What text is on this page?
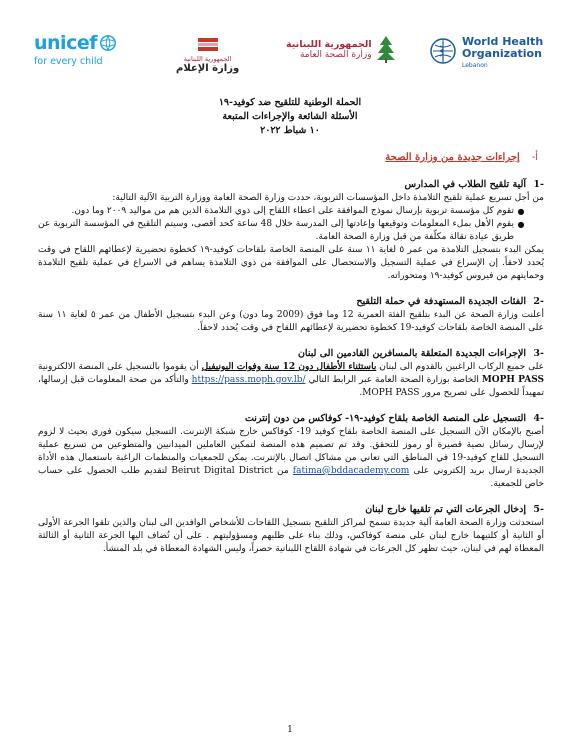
unicef
for every child	الجمهورية اللبنانية
وزارة الإعلام
الجمهورية اللبنانية
وزارة الصحة العامة
World Health
Organization
Lebanon
الحملة الوطنية للتلقيح ضد كوفيد-١٩
الأسئلة الشائعة والإجراءات المتبعة
١٠ شباط ٢٠٢٢
أ-
إجراءات جديدة من وزارة الصحة
-1
آلية تلقيح الطلاب في المدارس

من أجل تسريع عملية تلقيح التلامذة داخل المؤسسات التربوية، حددت وزارة الصحة العامة ووزارة التربية الآلية التالية:

●
تقوم كل مؤسسة تربوية بإرسال نموذج الموافقة على اعطاء اللقاح إلى ذوي التلامذة الذين هم من مواليد ٢٠٠٩ وما دون.
●
يقوم الأهل بملء المعلومات وتوقيعها وإعادتها إلى المدرسة خلال 48 ساعة كحد أقصى، وسيتم التلقيح في المؤسسة التربوية عن طريق عيادة نقالة مكلّفة من قبل وزارة الصحة العامة.

يمكن البدء بتسجيل التلامذة من عمر ٥ لغاية ١١ سنة على المنصة الخاصة بلقاحات كوفيد-١٩ كخطوة تحضيرية لإعطائهم اللقاح في وقت يُحدد لاحقاً. إن الإسراع في عملية التسجيل والاستحصال على الموافقة من ذوي التلامذة يساهم في الاسراع في عملية تلقيح التلامذة وحمايتهم من فيروس كوفيد-١٩ ومتحوراته.

-2
الفئات الجديدة المستهدفة في حملة التلقيح

أعلنت وزارة الصحة عن البدء بتلقيح الفئة العمرية 12 وما فوق (2009 وما دون) وعن البدء بتسجيل الأطفال من عمر ٥ لغاية ١١ سنة على المنصة الخاصة بلقاحات كوفيد-19 كخطوة تحضيرية لإعطائهم اللقاح في وقت يُحدد لاحقاً.

-3
الإجراءات الجديدة المتعلقة بالمسافرين القادمين الى لبنان

على جميع الركاب الراغبين بالقدوم الى لبنان باستثناء الأطفال دون 12 سنة وفوات اليونيفيل أن يقوموا بالتسجيل على المنصة الالكترونية MOPH PASS الخاصة بوزارة الصحة العامة عبر الرابط التالي https://pass.moph.gov.lb/ والتأكد من صحة المعلومات قبل إرسالها، تمهيداً للحصول على تصريح مرور MOPH PASS.

-4
التسجيل على المنصة الخاصة بلقاح كوفيد-١٩- كوفاكس من دون إنترنت

أصبح بالإمكان الآن التسجيل على المنصة الخاصة بلقاح كوفيد 19- كوفاكس خارج شبكة الإنترنت. التسجيل سيكون فوري بحيث لا لزوم لإرسال رسائل نصية قصيرة أو رموز للتحقق. وقد تم تصميم هذه المنصة لتمكين العاملين الميدانيين والمتطوعين من تسريع عملية التسجيل للقاح كوفيد-19 في المناطق التي تعاني من مشاكل اتصال بالإنترنت. يمكن للجمعيات والمنظمات الراغبة باستعمال هذه الأداة الجديدة ارسال بريد إلكتروني على fatima@bddacademy.com من Beirut Digital District لتقديم طلب الحصول على حساب خاص للجمعية.

-5
إدخال الجرعات التي تم تلقيها خارج لبنان

استحدثت وزارة الصحة العامة آلية جديدة تسمح لمراكز التلقيح بتسجيل اللقاحات للأشخاص الوافدين الى لبنان والذين تلقوا الجرعة الأولى أو الثانية أو كلتيهما خارج لبنان على منصة كوفاكس، وذلك بناء على طلبهم ومسؤوليتهم . على أن تُضاف اليها الجرعة الثانية أو الثالثة المعطاة لهم في لبنان، حيث تظهر كل الجرعات في شهادة اللقاح اللبنانية حصراً، وليس الشهادة المعطاة في بلد المنشأ.

1
